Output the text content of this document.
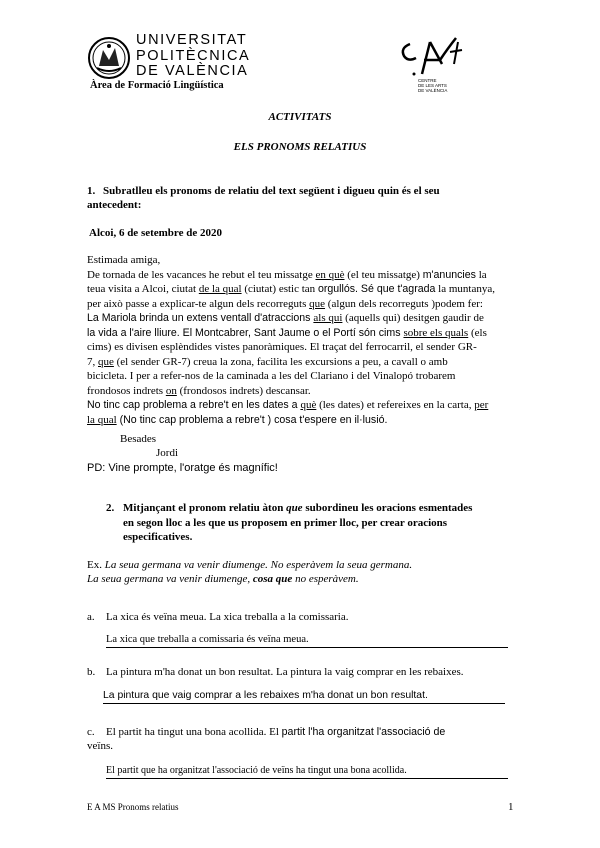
UNIVERSITAT
POLITÈCNICA
DE VALÈNCIA
Àrea de Formació Lingüística	CENTRE
DE LES ARTS
DE VALÈNCIA
ACTIVITATS
ELS PRONOMS RELATIUS
1. Subratlleu els pronoms de relatiu del text següent i digueu quin és el seu
antecedent:
Alcoi, 6 de setembre de 2020
Estimada amiga,
De tornada de les vacances he rebut el teu missatge en què (el teu missatge) m'anuncies la
teua visita a Alcoi, ciutat de la qual (ciutat) estic tan orgullós. Sé que t'agrada la muntanya,
per això passe a explicar-te algun dels recorreguts que (algun dels recorreguts )podem fer:
La Mariola brinda un extens ventall d'atraccions als qui (aquells qui) desitgen gaudir de
la vida a l'aire lliure. El Montcabrer, Sant Jaume o el Portí són cims sobre els quals (els
cims) es divisen esplèndides vistes panoràmiques. El traçat del ferrocarril, el sender GR-
7, que (el sender GR-7) creua la zona, facilita les excursions a peu, a cavall o amb
bicicleta. I per a refer-nos de la caminada a les del Clariano i del Vinalopó trobarem
frondosos indrets on (frondosos indrets) descansar.
No tinc cap problema a rebre't en les dates a què (les dates) et refereixes en la carta, per
la qual (No tinc cap problema a rebre't ) cosa t'espere en il·lusió.
Besades
Jordi
PD: Vine prompte, l'oratge és magnífic!
2. Mitjançant el pronom relatiu àton que subordineu les oracions esmentades
en segon lloc a les que us proposem en primer lloc, per crear oracions
especificatives.
Ex. La seua germana va venir diumenge. No esperàvem la seua germana.
La seua germana va venir diumenge, cosa que no esperàvem.
a. La xica és veïna meua. La xica treballa a la comissaria.
La xica que treballa a comissaria és veïna meua.
b. La pintura m'ha donat un bon resultat. La pintura la vaig comprar en les rebaixes.
La pintura que vaig comprar a les rebaixes m'ha donat un bon resultat.
c. El partit ha tingut una bona acollida. El partit l'ha organitzat l'associació de
veïns.
El partit que ha organitzat l'associació de veïns ha tingut una bona acollida.
E A MS Pronoms relatius	1
